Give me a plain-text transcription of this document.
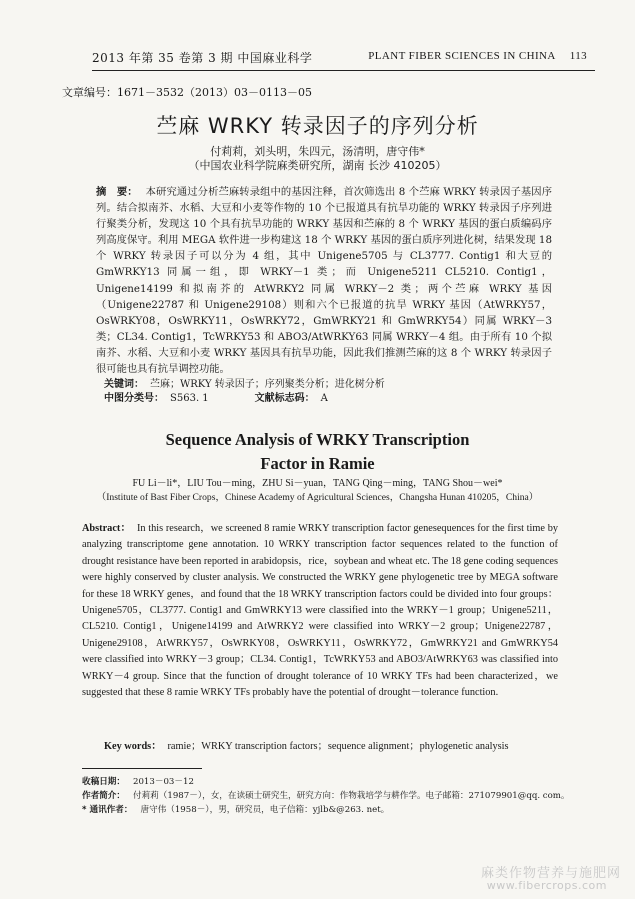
2013 年第 35 卷第 3 期 中国麻业科学	PLANT FIBER SCIENCES IN CHINA 113
文章编号：1671－3532（2013）03－0113－05
苎麻 WRKY 转录因子的序列分析
付莉莉，刘头明，朱四元，汤清明，唐守伟*
（中国农业科学院麻类研究所，湖南 长沙 410205）
摘　要： 本研究通过分析苎麻转录组中的基因注释，首次筛选出 8 个苎麻 WRKY 转录因子基因序列。结合拟南芥、水稻、大豆和小麦等作物的 10 个已报道具有抗旱功能的 WRKY 转录因子序列进行聚类分析，发现这 10 个具有抗旱功能的 WRKY 基因和苎麻的 8 个 WRKY 基因的蛋白质编码序列高度保守。利用 MEGA 软件进一步构建这 18 个 WRKY 基因的蛋白质序列进化树，结果发现 18 个 WRKY 转录因子可以分为 4 组，其中 Unigene5705 与 CL3777. Contig1 和大豆的 GmWRKY13 同属一组，即 WRKY－1 类；而 Unigene5211 CL5210. Contig1，Unigene14199 和拟南芥的 AtWRKY2 同属 WRKY－2 类；两个苎麻 WRKY 基因（Unigene22787 和 Unigene29108）则和六个已报道的抗旱 WRKY 基因（AtWRKY57，OsWRKY08，OsWRKY11，OsWRKY72，GmWRKY21 和 GmWRKY54）同属 WRKY－3 类；CL34. Contig1，TcWRKY53 和 ABO3/AtWRKY63 同属 WRKY－4 组。由于所有 10 个拟南芥、水稻、大豆和小麦 WRKY 基因具有抗旱功能，因此我们推测苎麻的这 8 个 WRKY 转录因子很可能也具有抗旱调控功能。
关键词： 苎麻；WRKY 转录因子；序列聚类分析；进化树分析
中图分类号： S563. 1	文献标志码： A
Sequence Analysis of WRKY Transcription
Factor in Ramie
FU Li－li*，LIU Tou－ming，ZHU Si－yuan，TANG Qing－ming，TANG Shou－wei*
（Institute of Bast Fiber Crops，Chinese Academy of Agricultural Sciences，Changsha Hunan 410205，China）
Abstract： In this research，we screened 8 ramie WRKY transcription factor genesequences for the first time by analyzing transcriptome gene annotation. 10 WRKY transcription factor sequences related to the function of drought resistance have been reported in arabidopsis，rice，soybean and wheat etc. The 18 gene coding sequences were highly conserved by cluster analysis. We constructed the WRKY gene phylogenetic tree by MEGA software for these 18 WRKY genes，and found that the 18 WRKY transcription factors could be divided into four groups：Unigene5705，CL3777. Contig1 and GmWRKY13 were classified into the WRKY－1 group；Unigene5211，CL5210. Contig1，Unigene14199 and AtWRKY2 were classified into WRKY－2 group；Unigene22787，Unigene29108，AtWRKY57，OsWRKY08，OsWRKY11，OsWRKY72，GmWRKY21 and GmWRKY54 were classified into WRKY－3 group；CL34. Contig1，TcWRKY53 and ABO3/AtWRKY63 was classified into WRKY－4 group. Since that the function of drought tolerance of 10 WRKY TFs had been characterized，we suggested that these 8 ramie WRKY TFs probably have the potential of drought－tolerance function.
Key words： ramie；WRKY transcription factors；sequence alignment；phylogenetic analysis
收稿日期： 2013－03－12
作者简介： 付莉莉（1987－），女，在读硕士研究生，研究方向：作物栽培学与耕作学。电子邮箱：271079901@qq. com。
* 通讯作者： 唐守伟（1958－），男，研究员，电子信箱：yjlb&@263. net。
麻类作物营养与施肥网
www.fibercrops.com
